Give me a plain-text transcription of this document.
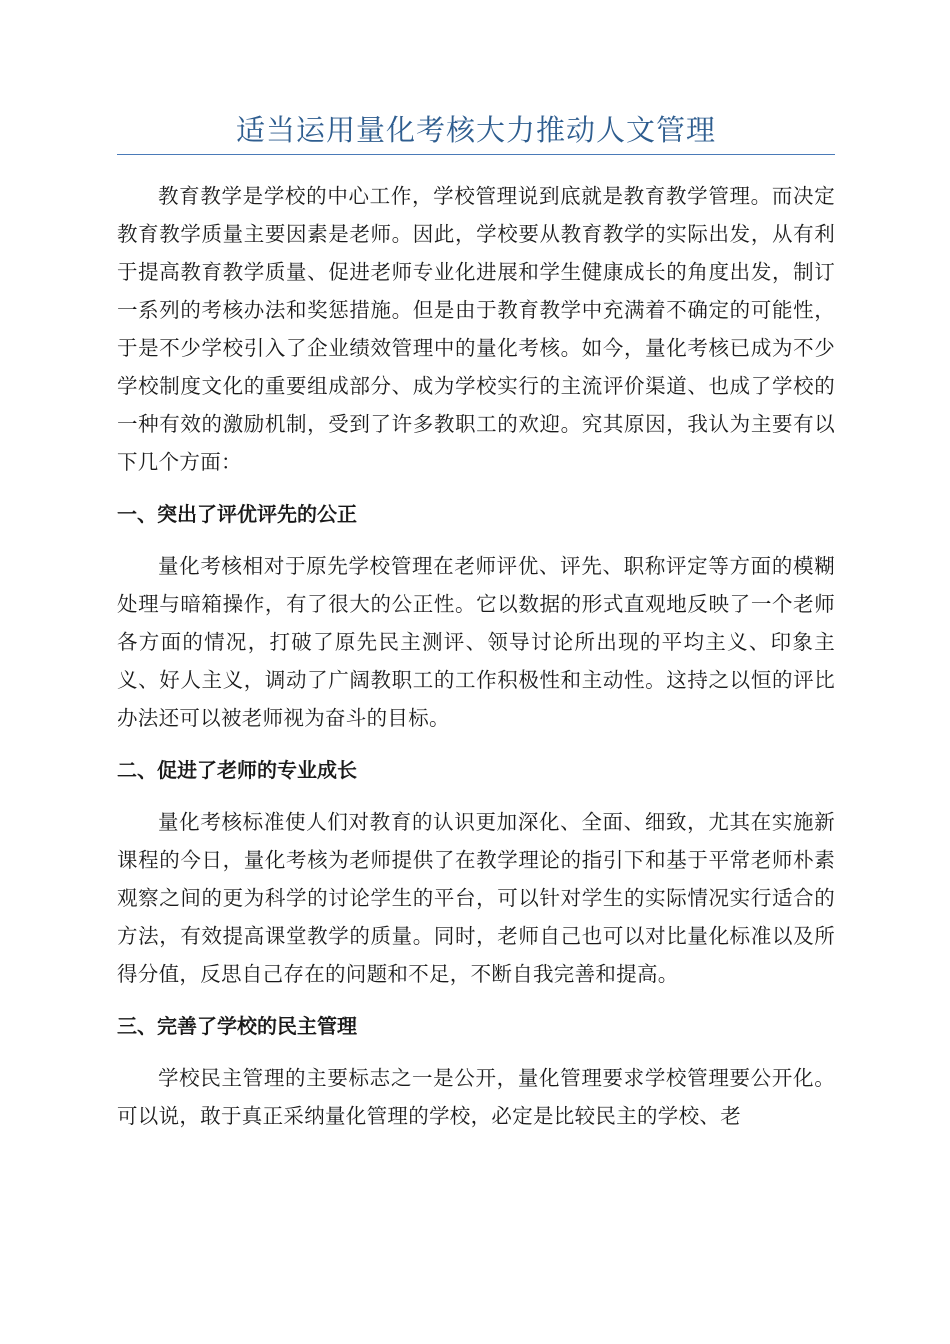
适当运用量化考核大力推动人文管理

教育教学是学校的中心工作，学校管理说到底就是教育教学管理。而决定教育教学质量主要因素是老师。因此，学校要从教育教学的实际出发，从有利于提高教育教学质量、促进老师专业化进展和学生健康成长的角度出发，制订一系列的考核办法和奖惩措施。但是由于教育教学中充满着不确定的可能性，于是不少学校引入了企业绩效管理中的量化考核。如今，量化考核已成为不少学校制度文化的重要组成部分、成为学校实行的主流评价渠道、也成了学校的一种有效的激励机制，受到了许多教职工的欢迎。究其原因，我认为主要有以下几个方面：

一、突出了评优评先的公正

量化考核相对于原先学校管理在老师评优、评先、职称评定等方面的模糊处理与暗箱操作，有了很大的公正性。它以数据的形式直观地反映了一个老师各方面的情况，打破了原先民主测评、领导讨论所出现的平均主义、印象主义、好人主义，调动了广阔教职工的工作积极性和主动性。这持之以恒的评比办法还可以被老师视为奋斗的目标。

二、促进了老师的专业成长

量化考核标准使人们对教育的认识更加深化、全面、细致，尤其在实施新课程的今日，量化考核为老师提供了在教学理论的指引下和基于平常老师朴素观察之间的更为科学的讨论学生的平台，可以针对学生的实际情况实行适合的方法，有效提高课堂教学的质量。同时，老师自己也可以对比量化标准以及所得分值，反思自己存在的问题和不足，不断自我完善和提高。

三、完善了学校的民主管理

学校民主管理的主要标志之一是公开，量化管理要求学校管理要公开化。可以说，敢于真正采纳量化管理的学校，必定是比较民主的学校、老
